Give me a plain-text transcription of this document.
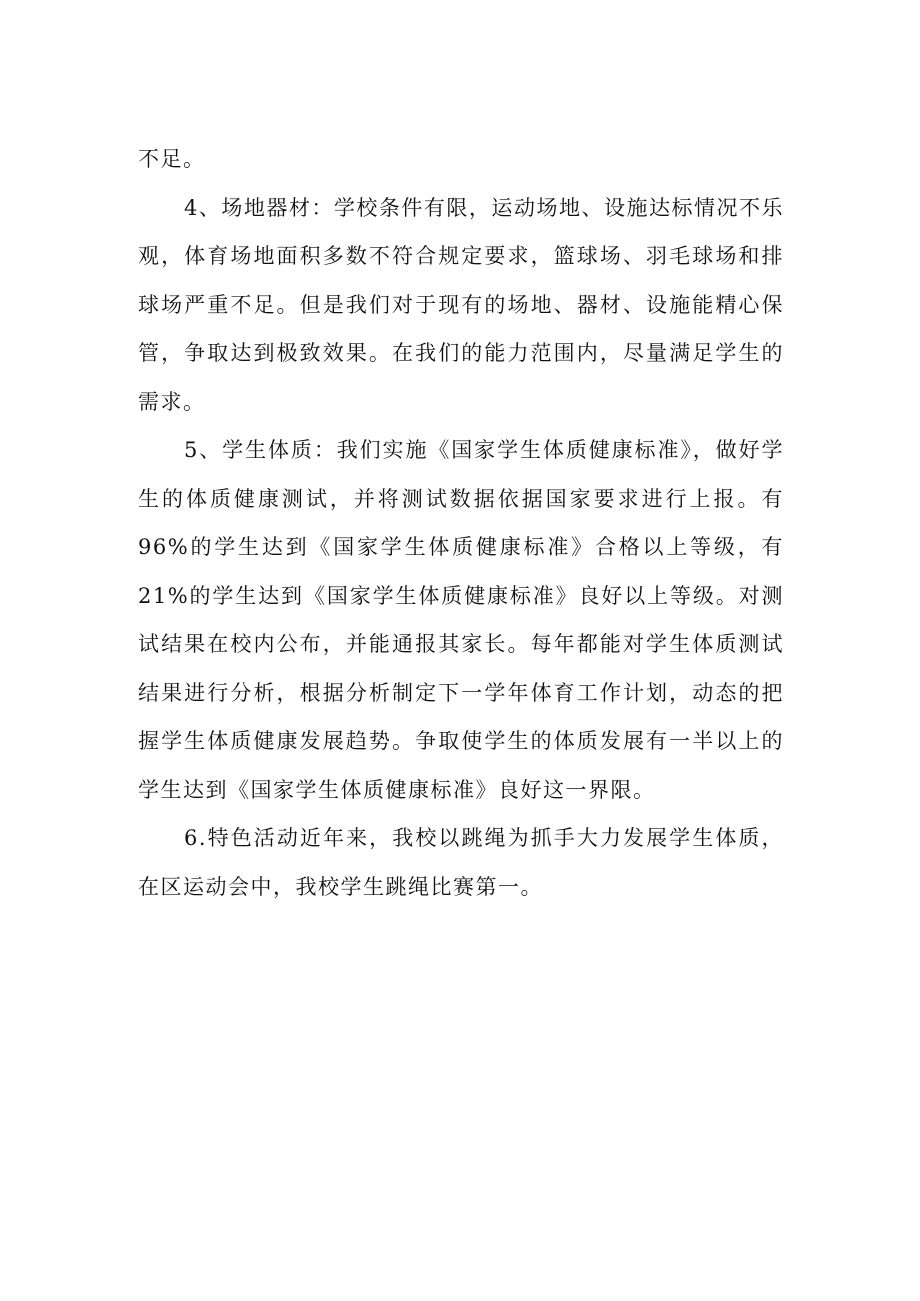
不足。

4、场地器材：学校条件有限，运动场地、设施达标情况不乐观，体育场地面积多数不符合规定要求，篮球场、羽毛球场和排球场严重不足。但是我们对于现有的场地、器材、设施能精心保管，争取达到极致效果。在我们的能力范围内，尽量满足学生的需求。

5、学生体质：我们实施《国家学生体质健康标准》，做好学生的体质健康测试，并将测试数据依据国家要求进行上报。有96%的学生达到《国家学生体质健康标准》合格以上等级，有21%的学生达到《国家学生体质健康标准》良好以上等级。对测试结果在校内公布，并能通报其家长。每年都能对学生体质测试结果进行分析，根据分析制定下一学年体育工作计划，动态的把握学生体质健康发展趋势。争取使学生的体质发展有一半以上的学生达到《国家学生体质健康标准》良好这一界限。

6.特色活动近年来，我校以跳绳为抓手大力发展学生体质，在区运动会中，我校学生跳绳比赛第一。
